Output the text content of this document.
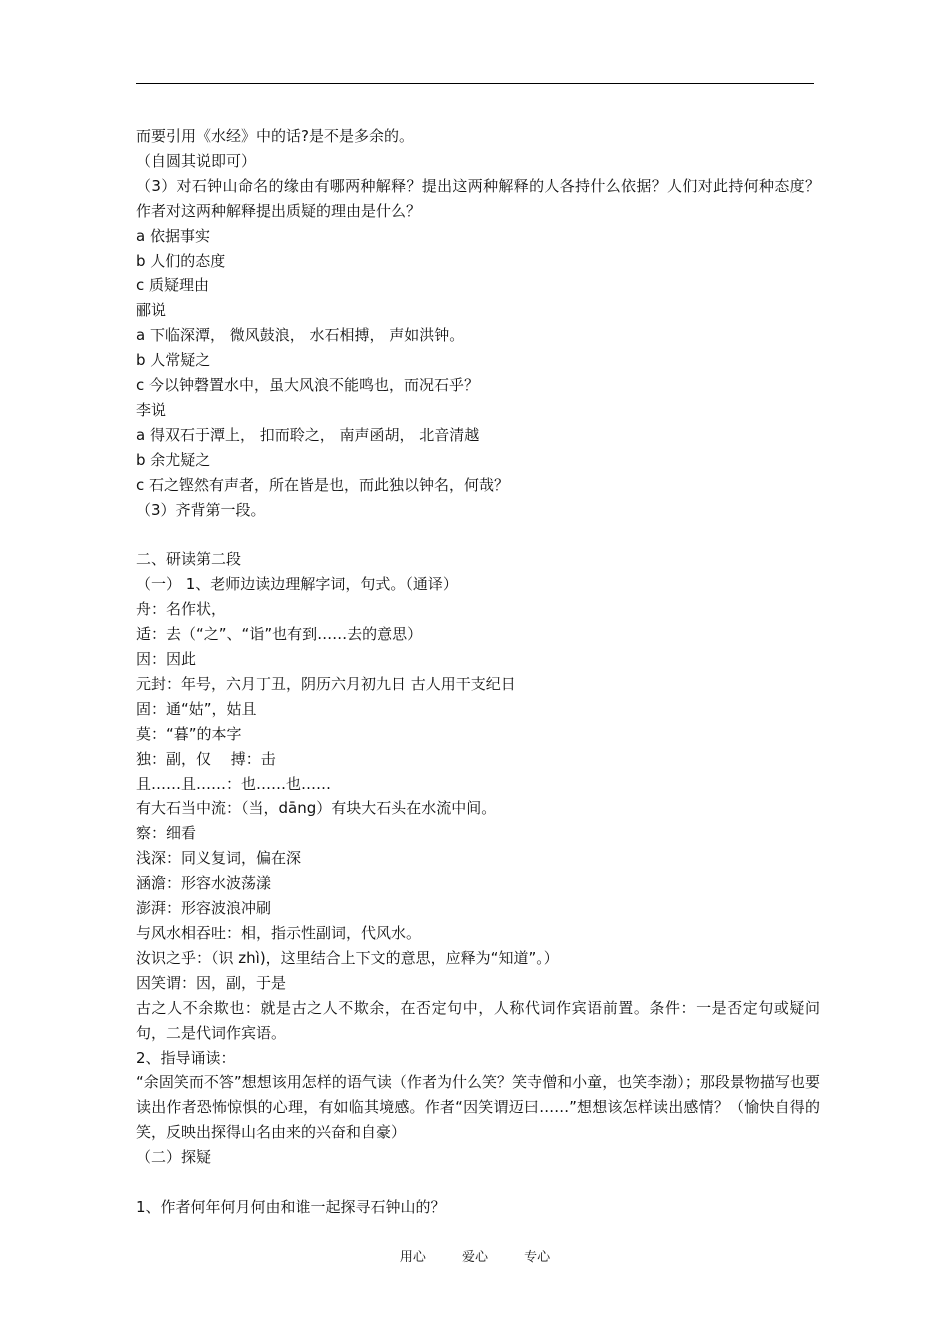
而要引用《水经》中的话?是不是多余的。
（自圆其说即可）
（3）对石钟山命名的缘由有哪两种解释？提出这两种解释的人各持什么依据？人们对此持何种态度？作者对这两种解释提出质疑的理由是什么？
a 依据事实
b 人们的态度
c 质疑理由
郦说
a 下临深潭， 微风鼓浪， 水石相搏， 声如洪钟。
b 人常疑之
c 今以钟磬置水中，虽大风浪不能鸣也，而况石乎？
李说
a 得双石于潭上， 扣而聆之， 南声函胡， 北音清越
b 余尤疑之
c 石之铿然有声者，所在皆是也，而此独以钟名，何哉？
（3）齐背第一段。
二、研读第二段
（一） 1、老师边读边理解字词，句式。（通译）
舟：名作状，
适：去（“之”、“诣”也有到……去的意思）
因：因此
元封：年号，六月丁丑，阴历六月初九日 古人用干支纪日
固：通“姑”，姑且
莫：“暮”的本字
独：副，仅　 搏：击
且……且……：也……也……
有大石当中流：（当，dāng）有块大石头在水流中间。
察：细看
浅深：同义复词，偏在深
涵澹：形容水波荡漾
澎湃：形容波浪冲刷
与风水相吞吐：相，指示性副词，代风水。
汝识之乎：（识 zhì)，这里结合上下文的意思，应释为“知道”。）
因笑谓：因，副，于是
古之人不余欺也：就是古之人不欺余，在否定句中，人称代词作宾语前置。条件：一是否定句或疑问句，二是代词作宾语。
2、指导诵读：
“余固笑而不答”想想该用怎样的语气读（作者为什么笑？笑寺僧和小童，也笑李渤）；那段景物描写也要读出作者恐怖惊惧的心理，有如临其境感。作者“因笑谓迈曰……”想想该怎样读出感情？（愉快自得的笑，反映出探得山名由来的兴奋和自豪）
（二）探疑
1、作者何年何月何由和谁一起探寻石钟山的？
用心	爱心	专心
